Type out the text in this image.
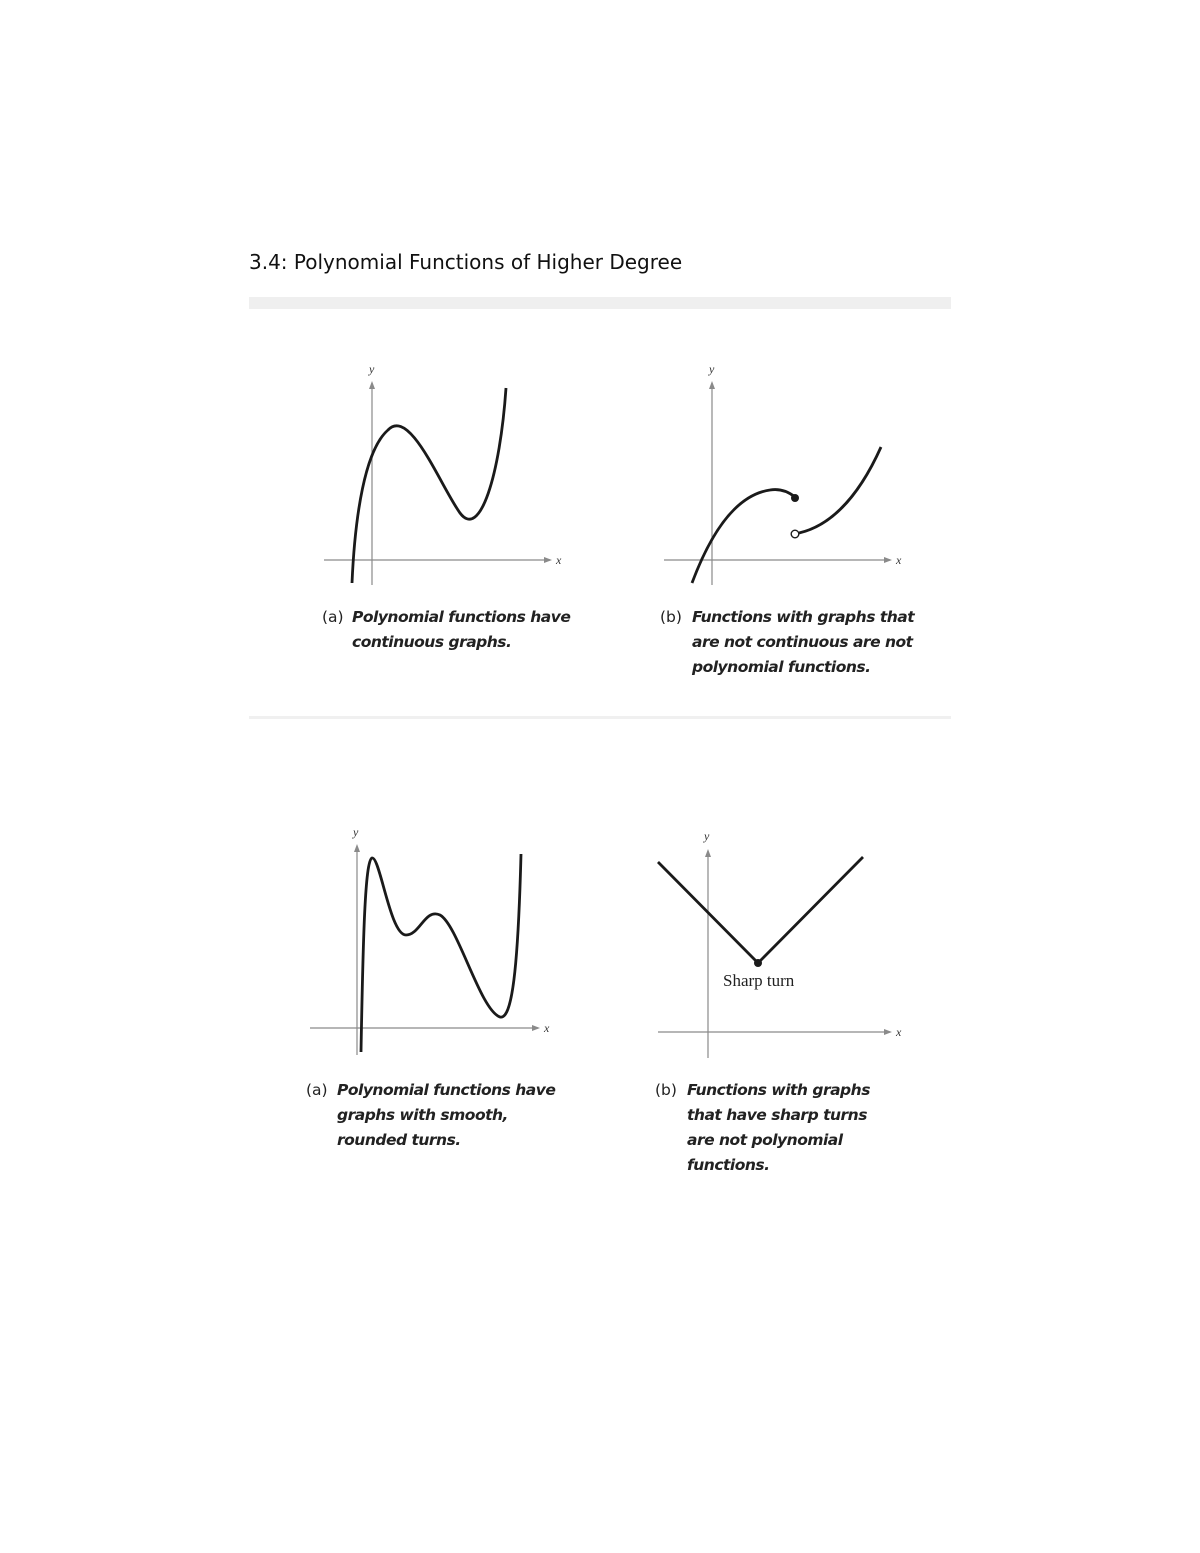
3.4: Polynomial Functions of Higher Degree
x
y
(a) Polynomial functions have
continuous graphs.
x
y
(b) Functions with graphs that
are not continuous are not
polynomial functions.
x
y
(a) Polynomial functions have
graphs with smooth,
rounded turns.
x
y
Sharp turn
(b) Functions with graphs
that have sharp turns
are not polynomial
functions.
